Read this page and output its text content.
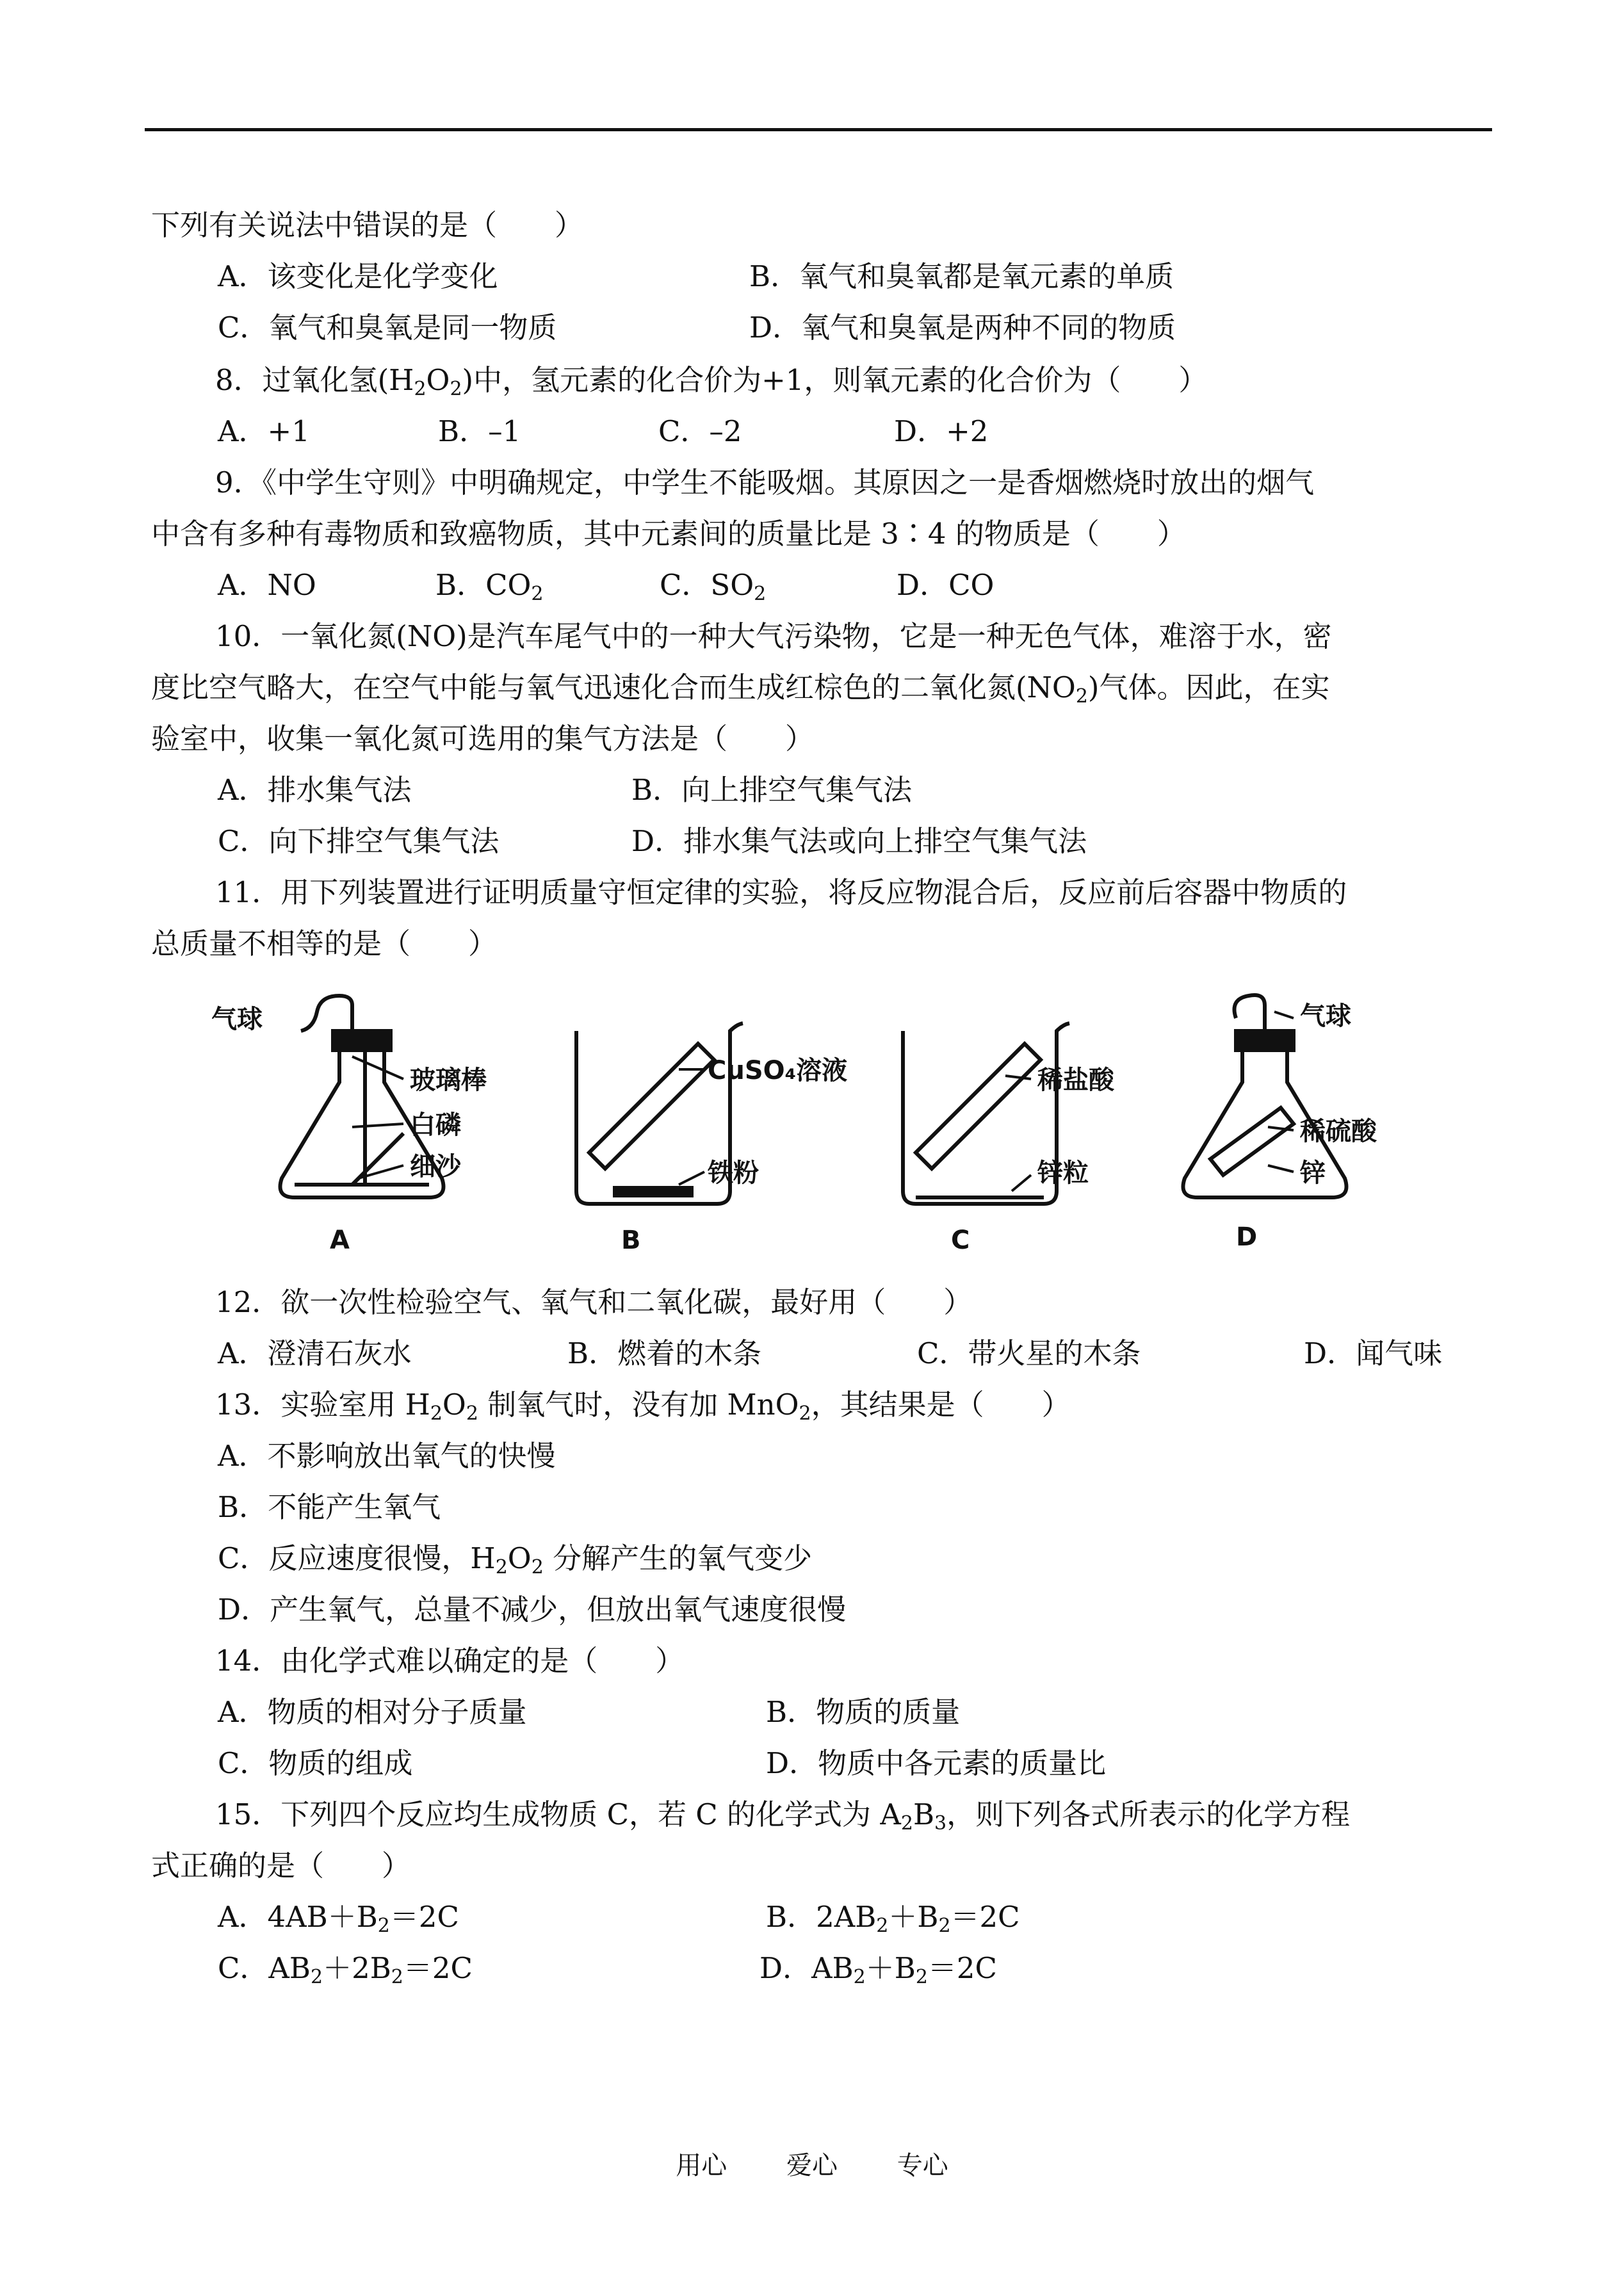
下列有关说法中错误的是（　　）
A．该变化是化学变化	B．氧气和臭氧都是氧元素的单质
C．氧气和臭氧是同一物质	D．氧气和臭氧是两种不同的物质
8．过氧化氢$(H_2O_2)$中，氢元素的化合价为+1，则氧元素的化合价为（　　）
A．+1	B．–1	C．–2	D．+2
9．《中学生守则》中明确规定，中学生不能吸烟。其原因之一是香烟燃烧时放出的烟气
中含有多种有毒物质和致癌物质，其中元素间的质量比是 3∶4 的物质是（　　）
A．NO	B．$CO_2$	C．$SO_2$	D．CO
10．一氧化氮(NO)是汽车尾气中的一种大气污染物，它是一种无色气体，难溶于水，密
度比空气略大，在空气中能与氧气迅速化合而生成红棕色的二氧化氮$(NO_2)$气体。因此，在实
验室中，收集一氧化氮可选用的集气方法是（　　）
A．排水集气法	B．向上排空气集气法
C．向下排空气集气法	D．排水集气法或向上排空气集气法
11．用下列装置进行证明质量守恒定律的实验，将反应物混合后，反应前后容器中物质的
总质量不相等的是（　　）
气球
玻璃棒
白磷
细沙
CuSO₄溶液
铁粉
稀盐酸
锌粒
气球
稀硫酸
锌
A	B	C	D
12．欲一次性检验空气、氧气和二氧化碳，最好用（　　）
A．澄清石灰水	B．燃着的木条	C．带火星的木条	D．闻气味
13．实验室用 $H_2O_2$ 制氧气时，没有加 MnO$_2$，其结果是（　　）
A．不影响放出氧气的快慢
B．不能产生氧气
C．反应速度很慢，$H_2O_2$ 分解产生的氧气变少
D．产生氧气，总量不减少，但放出氧气速度很慢
14．由化学式难以确定的是（　　）
A．物质的相对分子质量	B．物质的质量
C．物质的组成	D．物质中各元素的质量比
15．下列四个反应均生成物质 C，若 C 的化学式为 $A_2B_3$，则下列各式所表示的化学方程
式正确的是（　　）
A．$4AB+B_2=2C$	B．$2AB_2+B_2=2C$
C．$AB_2+2B_2=2C$	D．$AB_2+B_2=2C$
用心 爱心 专心
